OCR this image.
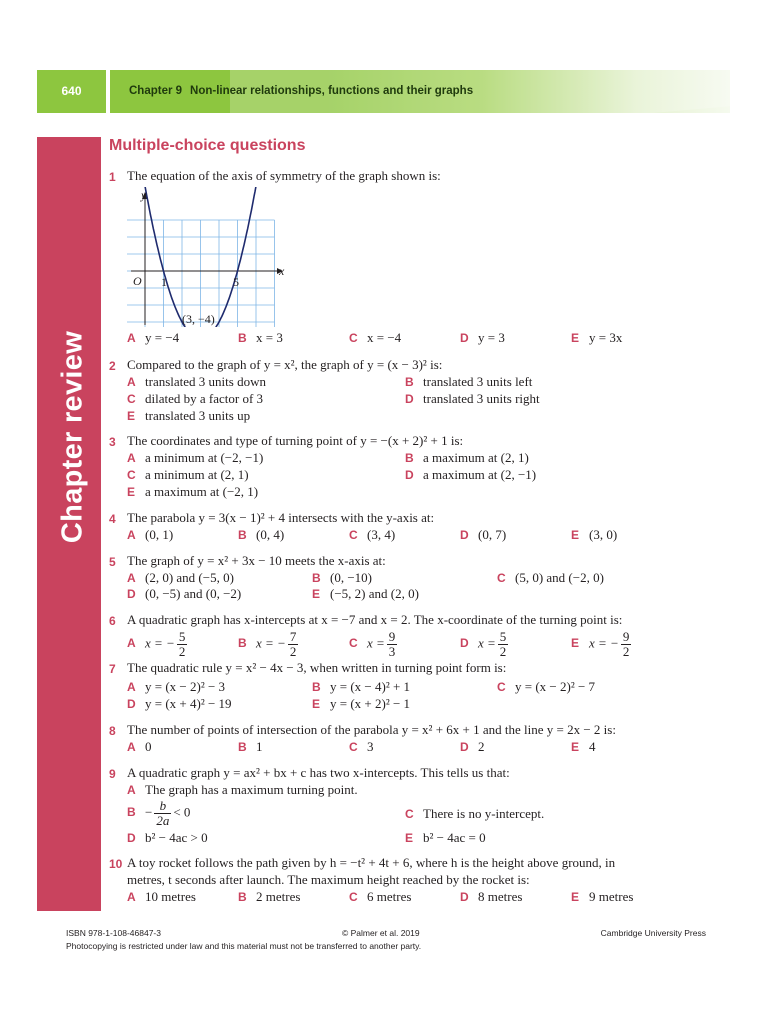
640	Chapter 9 Non-linear relationships, functions and their graphs
Chapter review
Multiple-choice questions
1 The equation of the axis of symmetry of the graph shown is:
y
x
O 1	5
(3, −4)
A y = −4	B x = 3	C x = −4	D y = 3	E y = 3x
2 Compared to the graph of y = x², the graph of y = (x − 3)² is:
A translated 3 units down	B translated 3 units left
C dilated by a factor of 3	D translated 3 units right
E translated 3 units up
3 The coordinates and type of turning point of y = −(x + 2)² + 1 is:
A a minimum at (−2, −1)	B a maximum at (2, 1)
C a minimum at (2, 1)	D a maximum at (2, −1)
E a maximum at (−2, 1)
4 The parabola y = 3(x − 1)² + 4 intersects with the y-axis at:
A (0, 1)	B (0, 4)	C (3, 4)	D (0, 7)	E (3, 0)
5 The graph of y = x² + 3x − 10 meets the x-axis at:
A (2, 0) and (−5, 0)	B (0, −10)	C (5, 0) and (−2, 0)
D (0, −5) and (0, −2)	E (−5, 2) and (2, 0)
6 A quadratic graph has x-intercepts at x = −7 and x = 2. The x-coordinate of the turning point is:
A x = − $\frac{5}{2}$	B x = − $\frac{7}{2}$	C $x = \frac{9}{3}$	D $x = \frac{5}{2}$	E x = − $\frac{9}{2}$
7 The quadratic rule y = x² − 4x − 3, when written in turning point form is:
A y = (x − 2)² − 3	B y = (x − 4)² + 1	C y = (x − 2)² − 7
D y = (x + 4)² − 19	E y = (x + 2)² − 1
8 The number of points of intersection of the parabola y = x² + 6x + 1 and the line y = 2x − 2 is:
A 0	B 1	C 3	D 2	E 4
9 A quadratic graph y = ax² + bx + c has two x-intercepts. This tells us that:
A The graph has a maximum turning point.
$B - \frac{b}{2a} < 0$	C There is no y-intercept.
D b² − 4ac > 0	E b² − 4ac = 0
10 A toy rocket follows the path given by h = −t² + 4t + 6, where h is the height above ground, in
metres, t seconds after launch. The maximum height reached by the rocket is:
A 10 metres	B 2 metres	C 6 metres	D 8 metres	E 9 metres
ISBN 978-1-108-46847-3	© Palmer et al. 2019	Cambridge University Press
Photocopying is restricted under law and this material must not be transferred to another party.
